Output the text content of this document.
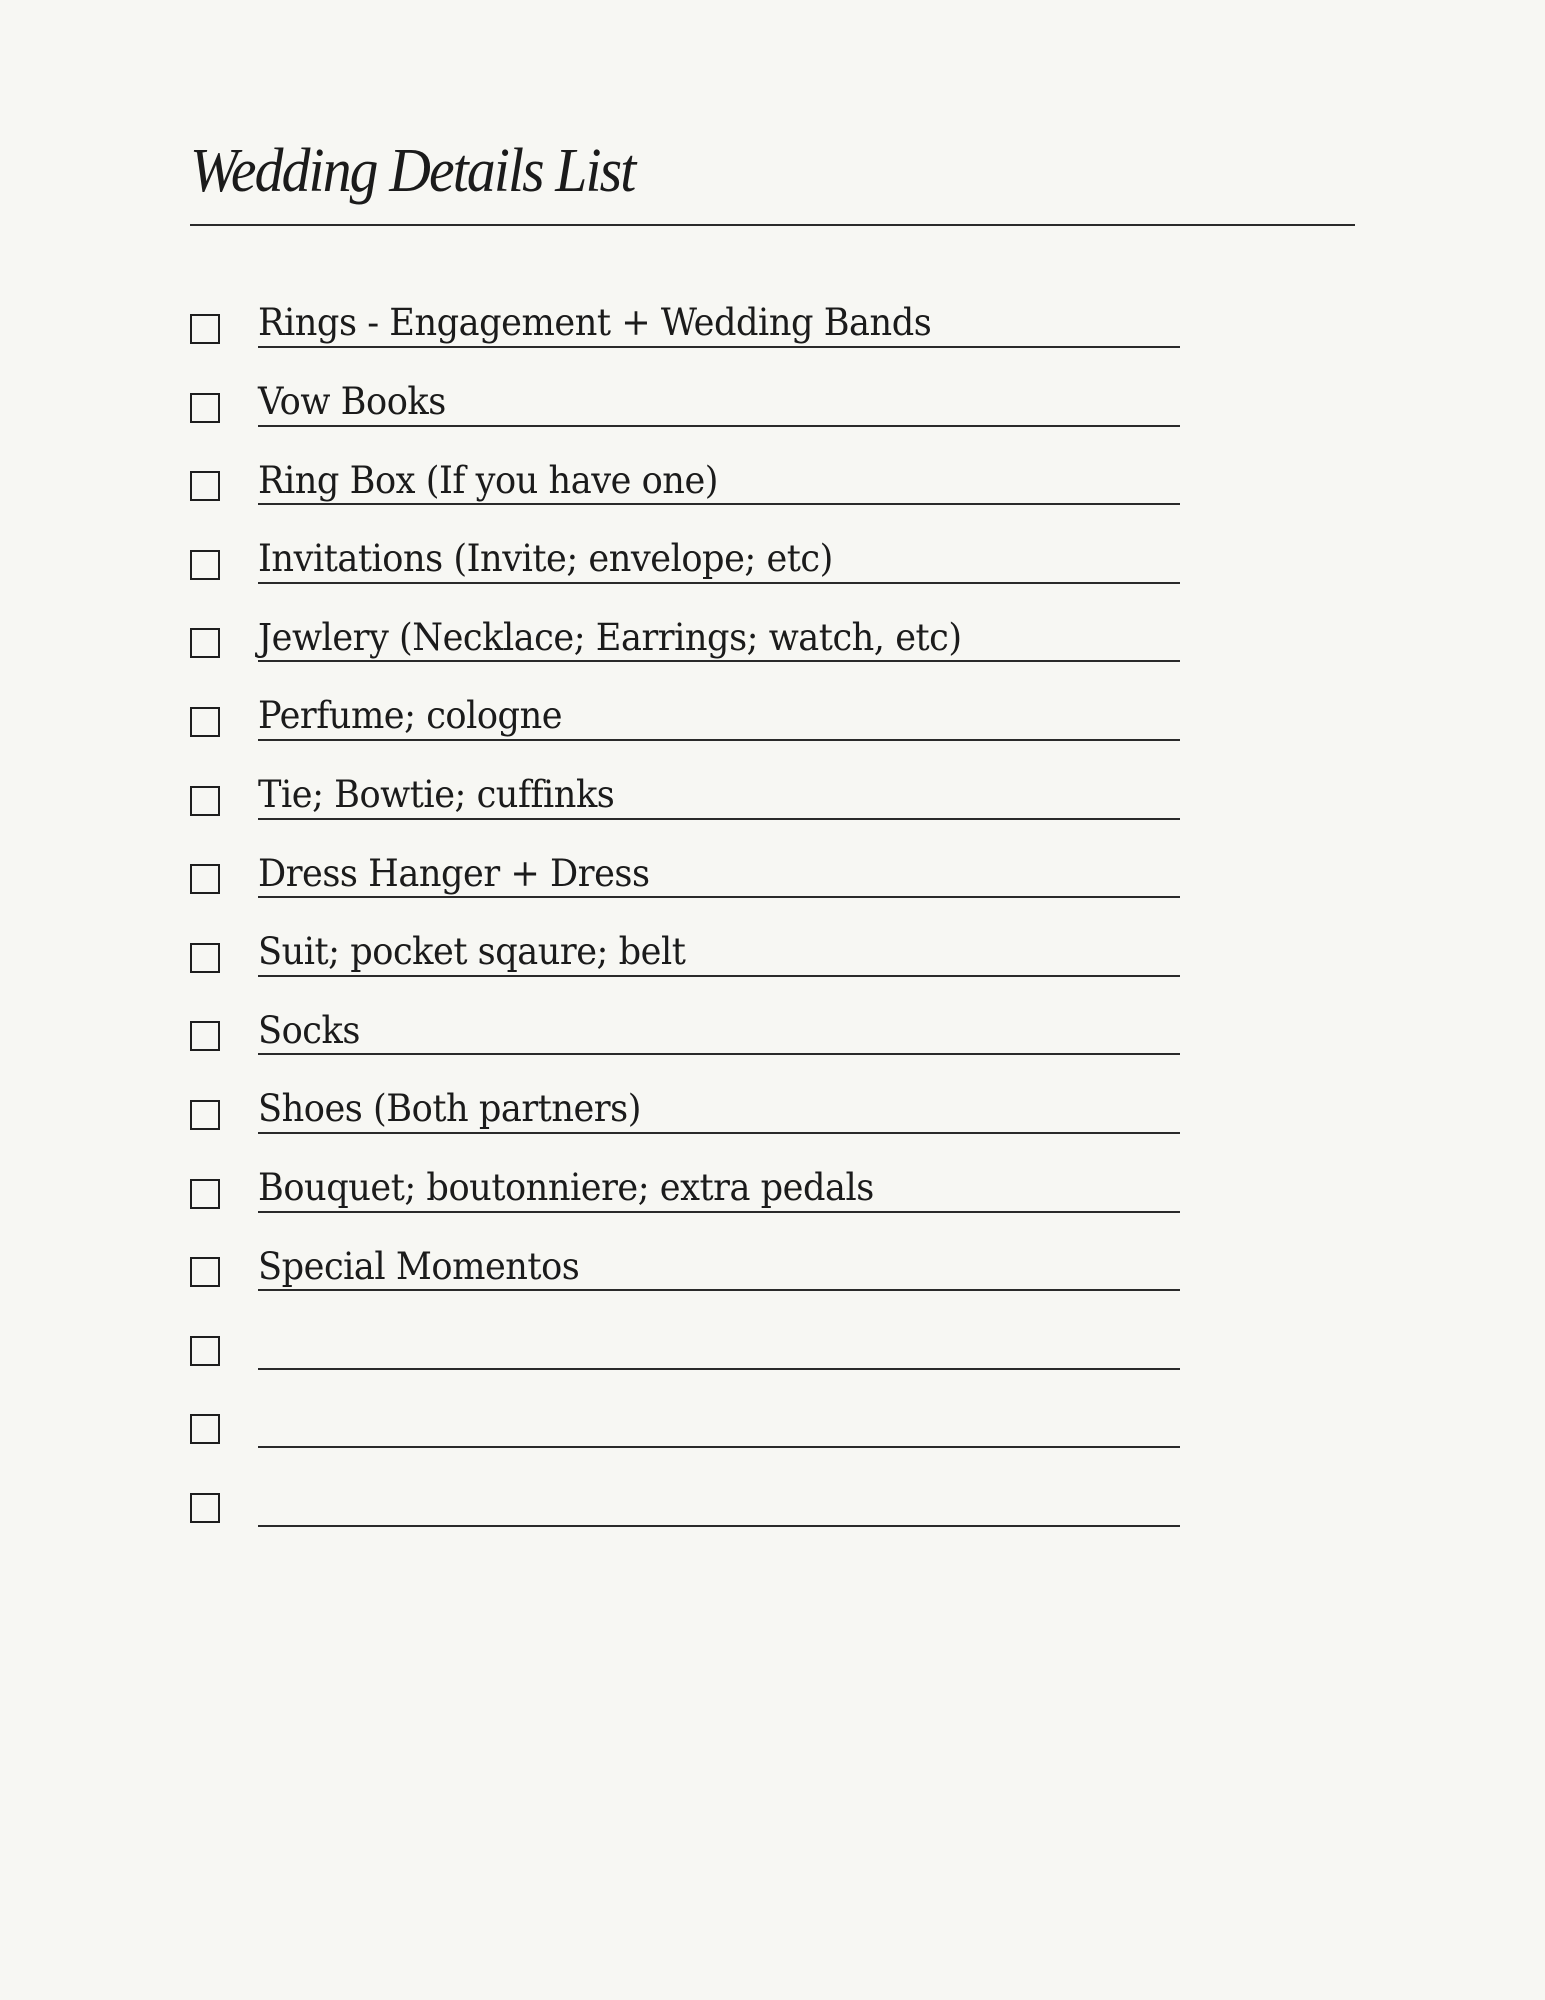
Wedding Details List
Rings - Engagement + Wedding Bands
Vow Books
Ring Box (If you have one)
Invitations (Invite; envelope; etc)
Jewlery (Necklace; Earrings; watch, etc)
Perfume; cologne
Tie; Bowtie; cuffinks
Dress Hanger + Dress
Suit; pocket sqaure; belt
Socks
Shoes (Both partners)
Bouquet; boutonniere; extra pedals
Special Momentos
